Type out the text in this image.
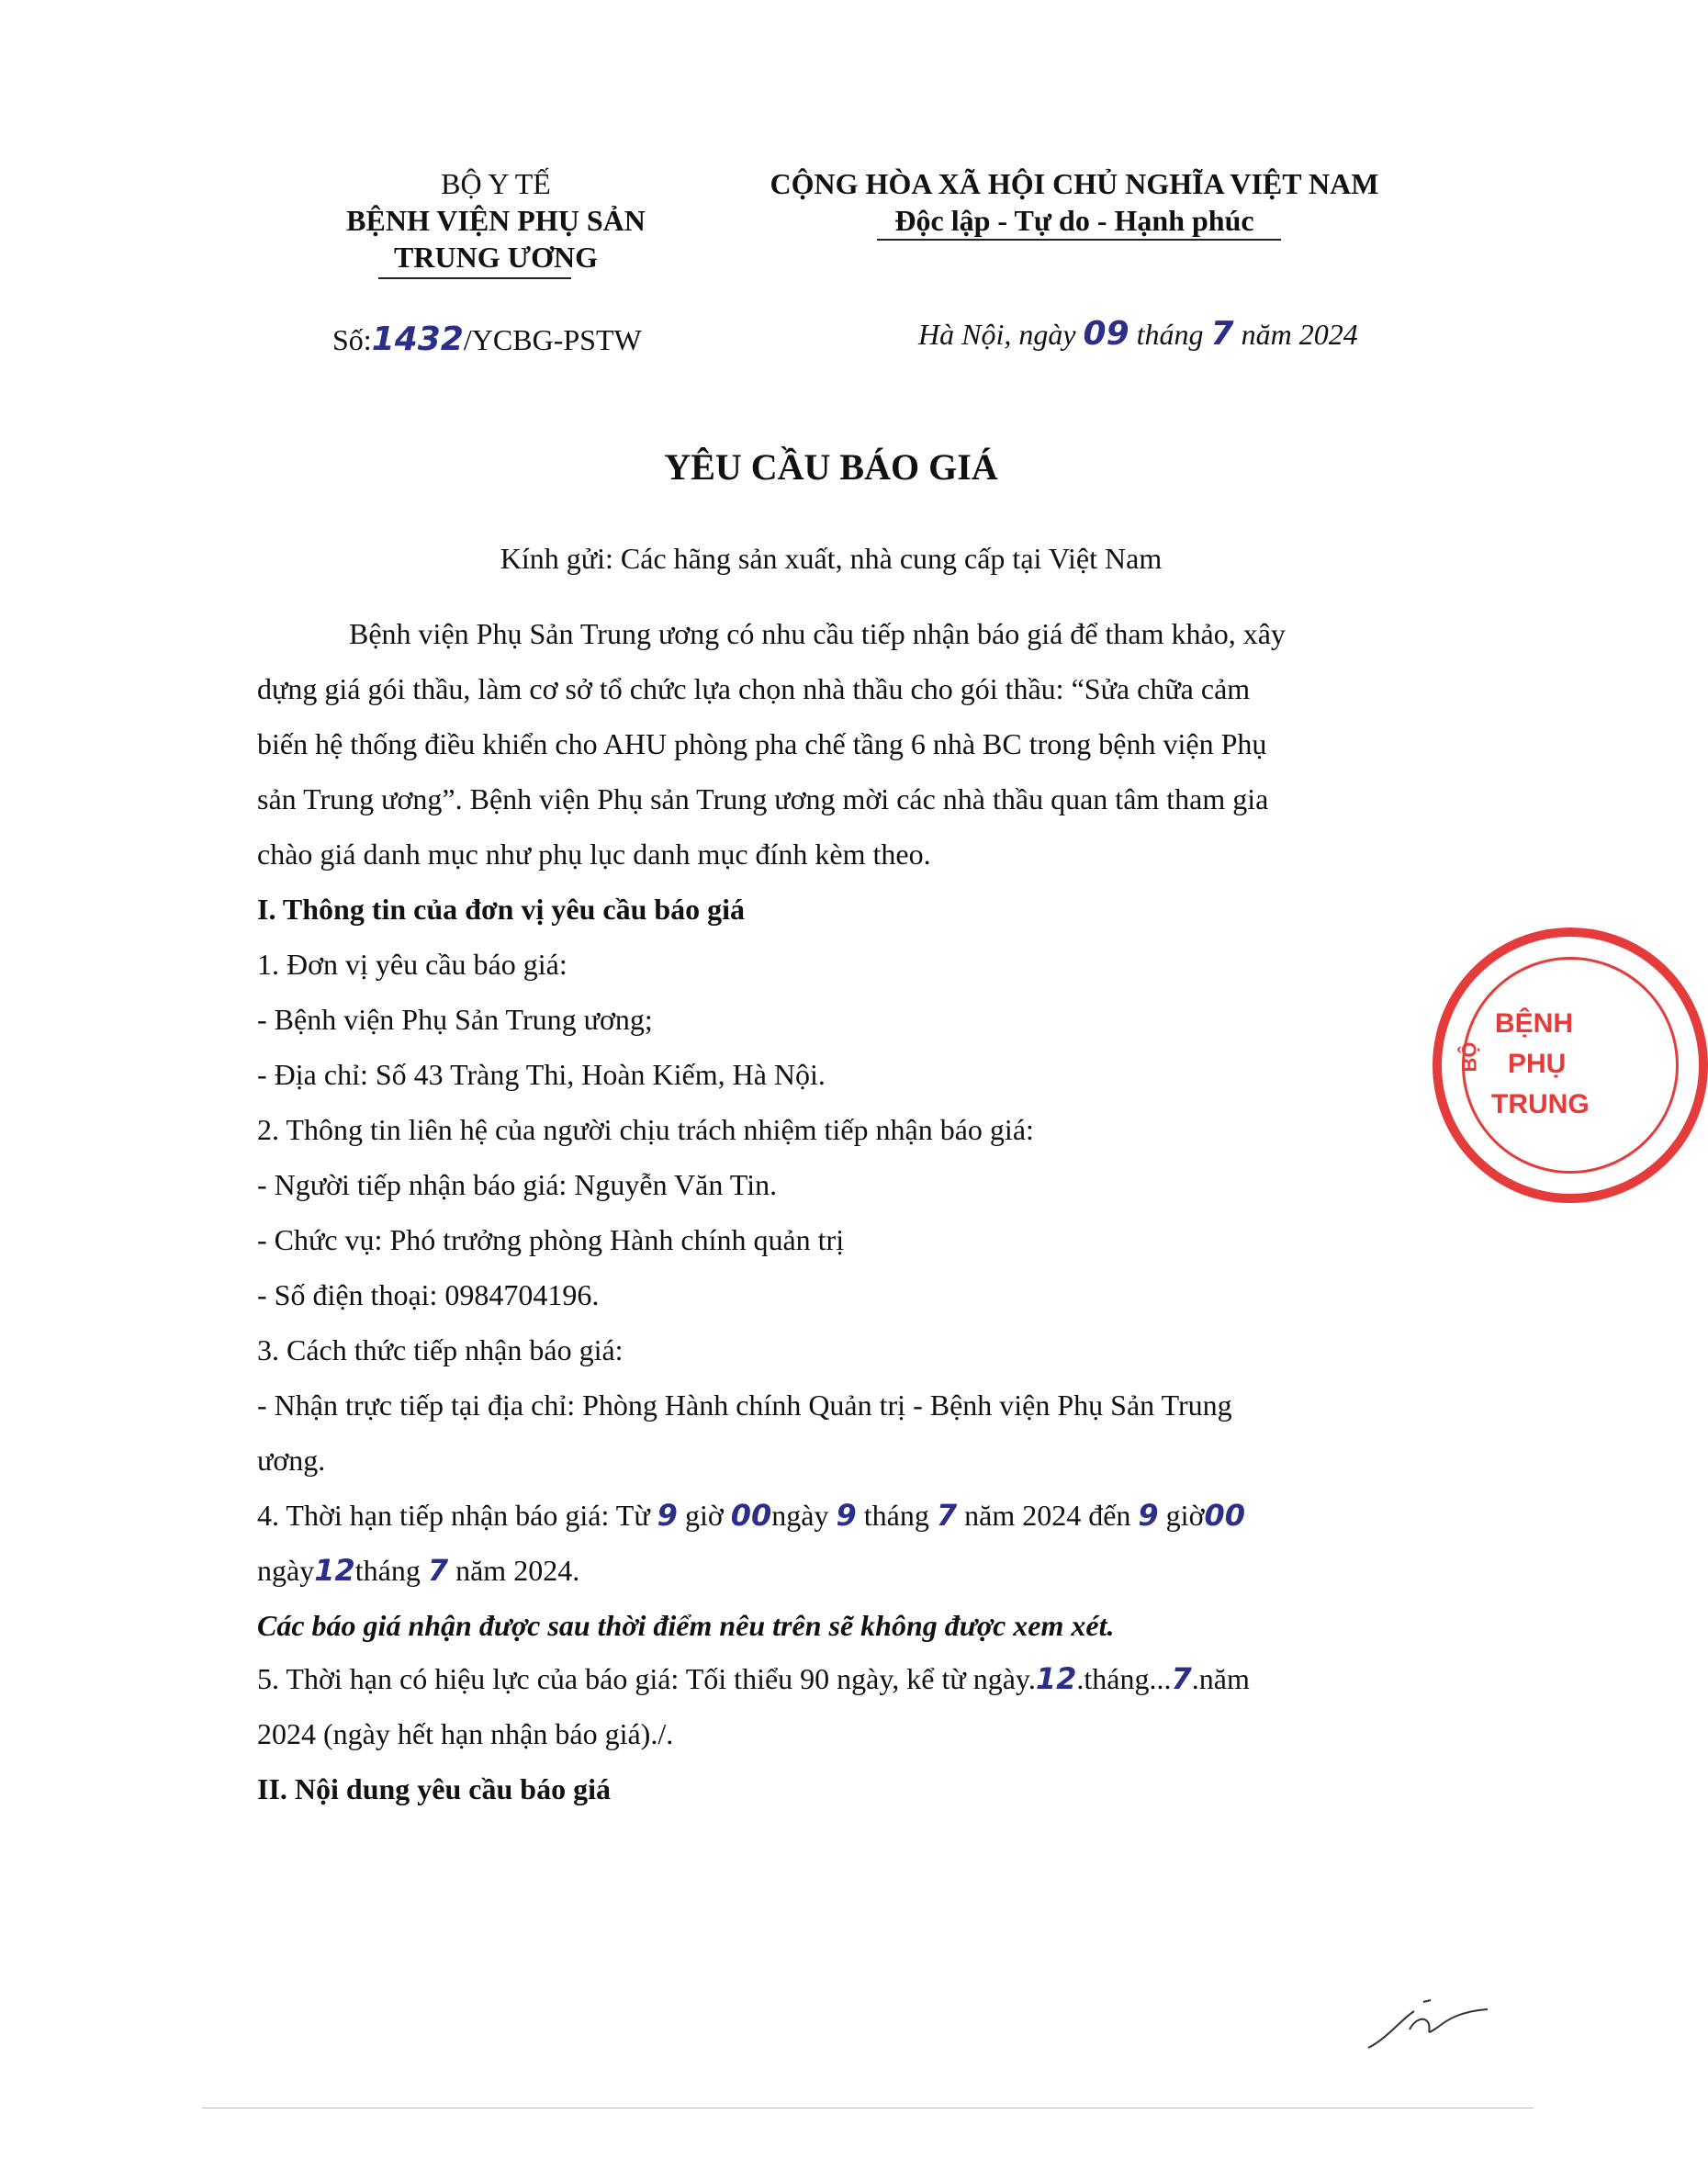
BỘ Y TẾ
BỆNH VIỆN PHỤ SẢN
TRUNG ƯƠNG
Số:1432/YCBG-PSTW
CỘNG HÒA XÃ HỘI CHỦ NGHĨA VIỆT NAM
Độc lập - Tự do - Hạnh phúc
Hà Nội, ngày 09 tháng 7 năm 2024
YÊU CẦU BÁO GIÁ
Kính gửi: Các hãng sản xuất, nhà cung cấp tại Việt Nam
Bệnh viện Phụ Sản Trung ương có nhu cầu tiếp nhận báo giá để tham khảo, xây
dựng giá gói thầu, làm cơ sở tổ chức lựa chọn nhà thầu cho gói thầu: “Sửa chữa cảm
biến hệ thống điều khiển cho AHU phòng pha chế tầng 6 nhà BC trong bệnh viện Phụ
sản Trung ương”. Bệnh viện Phụ sản Trung ương mời các nhà thầu quan tâm tham gia
chào giá danh mục như phụ lục danh mục đính kèm theo.
I. Thông tin của đơn vị yêu cầu báo giá
1. Đơn vị yêu cầu báo giá:
- Bệnh viện Phụ Sản Trung ương;
- Địa chỉ: Số 43 Tràng Thi, Hoàn Kiếm, Hà Nội.
2. Thông tin liên hệ của người chịu trách nhiệm tiếp nhận báo giá:
- Người tiếp nhận báo giá: Nguyễn Văn Tin.
- Chức vụ: Phó trưởng phòng Hành chính quản trị
- Số điện thoại: 0984704196.
3. Cách thức tiếp nhận báo giá:
- Nhận trực tiếp tại địa chỉ: Phòng Hành chính Quản trị - Bệnh viện Phụ Sản Trung
ương.
4. Thời hạn tiếp nhận báo giá: Từ 9 giờ 00ngày 9 tháng 7 năm 2024 đến 9 giờ00
ngày12tháng 7 năm 2024.
Các báo giá nhận được sau thời điểm nêu trên sẽ không được xem xét.
5. Thời hạn có hiệu lực của báo giá: Tối thiểu 90 ngày, kể từ ngày.12.tháng...7.năm
2024 (ngày hết hạn nhận báo giá)./.
II. Nội dung yêu cầu báo giá
BỆNH
PHỤ
TRUNG
BỘ
